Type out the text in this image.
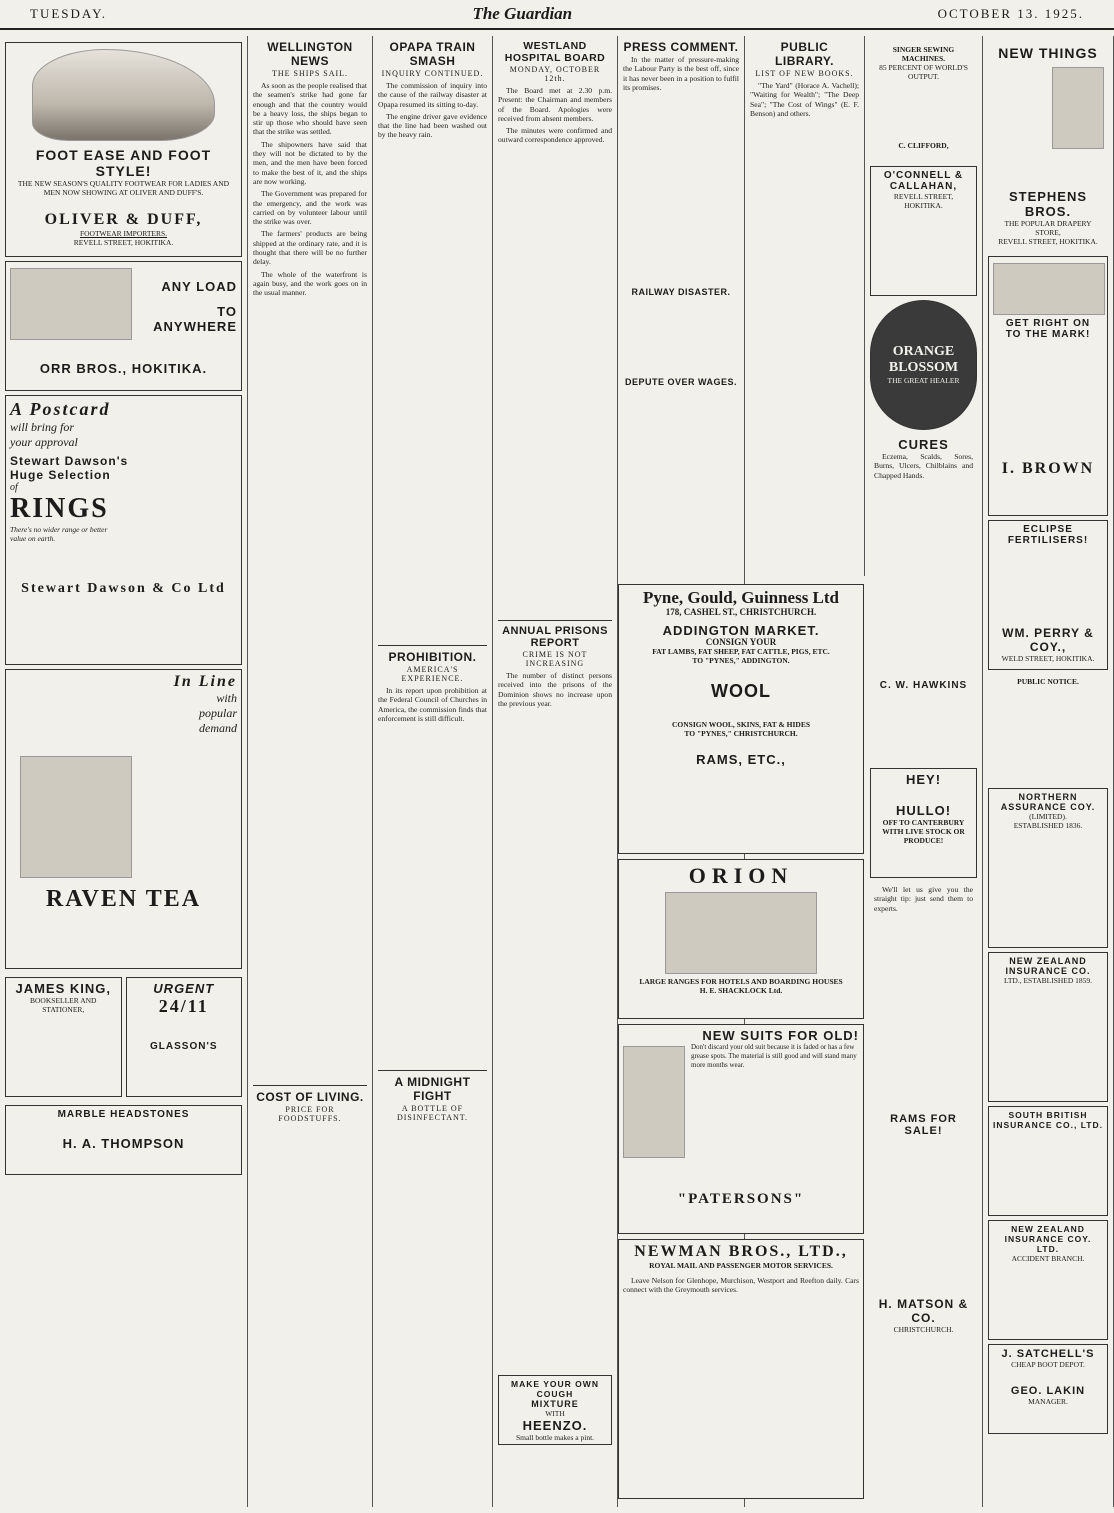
TUESDAY.	The Guardian	OCTOBER 13. 1925.
FOOT EASE AND FOOT STYLE!
THE NEW SEASON'S QUALITY FOOTWEAR FOR LADIES AND MEN NOW SHOWING AT OLIVER AND DUFF'S.
OLIVER & DUFF,
FOOTWEAR IMPORTERS.
REVELL STREET, HOKITIKA.
ANY LOAD
TO ANYWHERE
ORR BROS., HOKITIKA.
A Postcard
will bring for
your approval
Stewart Dawson's
Huge Selection
of
RINGS
There's no wider range or better value on earth.
Stewart Dawson & Co Ltd
In Line
with
popular
demand
RAVEN TEA
JAMES KING,
BOOKSELLER AND STATIONER,
URGENT
24/11
GLASSON'S
MARBLE HEADSTONES
H. A. THOMPSON
WELLINGTON NEWS
THE SHIPS SAIL.

As soon as the people realised that the seamen's strike had gone far enough and that the country would be a heavy loss, the ships began to stir up those who should have seen that the strike was settled.

The shipowners have said that they will not be dictated to by the men, and the men have been forced to make the best of it, and the ships are now working.

The Government was prepared for the emergency, and the work was carried on by volunteer labour until the strike was over.

The farmers' products are being shipped at the ordinary rate, and it is thought that there will be no further delay.

The whole of the waterfront is again busy, and the work goes on in the usual manner.

COST OF LIVING.
PRICE FOR FOODSTUFFS.
OPAPA TRAIN SMASH
INQUIRY CONTINUED.

The commission of inquiry into the cause of the railway disaster at Opapa resumed its sitting to-day.

The engine driver gave evidence that the line had been washed out by the heavy rain.

PROHIBITION.
AMERICA'S EXPERIENCE.

In its report upon prohibition at the Federal Council of Churches in America, the commission finds that enforcement is still difficult.

A MIDNIGHT FIGHT
A BOTTLE OF DISINFECTANT.
WESTLAND HOSPITAL BOARD
MONDAY, OCTOBER 12th.

The Board met at 2.30 p.m. Present: the Chairman and members of the Board. Apologies were received from absent members.

The minutes were confirmed and outward correspondence approved.

ANNUAL PRISONS REPORT
CRIME IS NOT INCREASING

The number of distinct persons received into the prisons of the Dominion shows no increase upon the previous year.

MAKE YOUR OWN COUGH
MIXTURE
WITH
HEENZO.
Small bottle makes a pint.
PRESS COMMENT.

In the matter of pressure-making the Labour Party is the best off, since it has never been in a position to fulfil its promises.

RAILWAY DISASTER.
DEPUTE OVER WAGES.
PUBLIC LIBRARY.
LIST OF NEW BOOKS.

"The Yard" (Horace A. Vachell); "Waiting for Wealth"; "The Deep Sea"; "The Cost of Wings" (E. F. Benson) and others.

Pyne, Gould, Guinness Ltd
178, CASHEL ST., CHRISTCHURCH.
ADDINGTON MARKET.
CONSIGN YOUR
FAT LAMBS, FAT SHEEP, FAT CATTLE, PIGS, ETC.
TO "PYNES," ADDINGTON.
WOOL
CONSIGN WOOL, SKINS, FAT & HIDES
TO "PYNES," CHRISTCHURCH.
RAMS, ETC.,
ORION
LARGE RANGES FOR HOTELS AND BOARDING HOUSES
H. E. SHACKLOCK Ltd.
NEW SUITS FOR OLD!
Don't discard your old suit because it is faded or has a few grease spots. The material is still good and will stand many more months wear.
"PATERSONS"
NEWMAN BROS., LTD.,
ROYAL MAIL AND PASSENGER MOTOR SERVICES.

Leave Nelson for Glenhope, Murchison, Westport and Reefton daily. Cars connect with the Greymouth services.

SINGER SEWING MACHINES.
85 PERCENT OF WORLD'S OUTPUT.
C. CLIFFORD,
O'CONNELL & CALLAHAN,
REVELL STREET, HOKITIKA.
ORANGE BLOSSOM
THE GREAT HEALER
CURES

Eczema, Scalds, Sores, Burns, Ulcers, Chilblains and Chapped Hands.

C. W. HAWKINS
HEY!
HULLO!
OFF TO CANTERBURY WITH LIVE STOCK OR PRODUCE!

We'll let us give you the straight tip: just send them to experts.

RAMS FOR SALE!
H. MATSON & CO.
CHRISTCHURCH.
NEW THINGS
STEPHENS BROS.
THE POPULAR DRAPERY STORE,
REVELL STREET, HOKITIKA.
GET RIGHT ON
TO THE MARK!
I. BROWN
ECLIPSE FERTILISERS!
WM. PERRY & COY.,
WELD STREET, HOKITIKA.
PUBLIC NOTICE.
NORTHERN ASSURANCE COY.
(LIMITED).
ESTABLISHED 1836.
NEW ZEALAND INSURANCE CO.
LTD., ESTABLISHED 1859.
SOUTH BRITISH INSURANCE CO., LTD.
NEW ZEALAND INSURANCE COY. LTD.
ACCIDENT BRANCH.
J. SATCHELL'S
CHEAP BOOT DEPOT.
GEO. LAKIN
MANAGER.
